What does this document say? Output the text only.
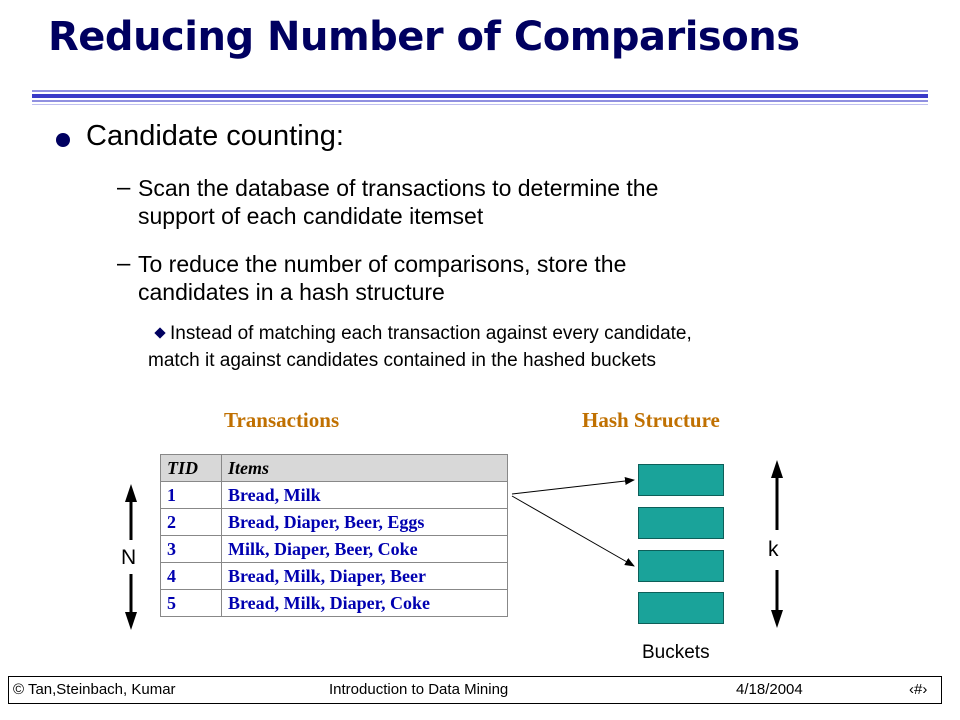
Reducing Number of Comparisons
Candidate counting:
– Scan the database of transactions to determine the
support of each candidate itemset
– To reduce the number of comparisons, store the
candidates in a hash structure
Instead of matching each transaction against every candidate,
match it against candidates contained in the hashed buckets
Transactions	Hash Structure
TID	Items
1	Bread, Milk
2	Bread, Diaper, Beer, Eggs
3	Milk, Diaper, Beer, Coke
4	Bread, Milk, Diaper, Beer
5	Bread, Milk, Diaper, Coke
N	k
Buckets
© Tan,Steinbach, Kumar	Introduction to Data Mining	4/18/2004	‹#›
